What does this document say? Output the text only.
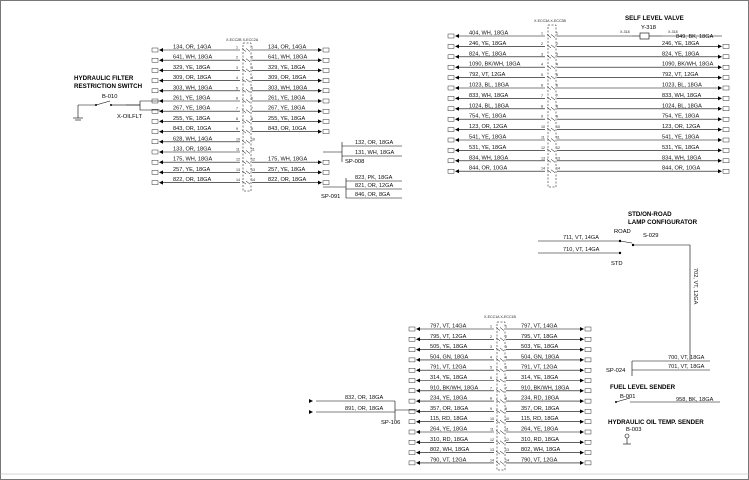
X-ECC2B X-ECC2A
134, OR, 14GA	1	1	134, OR, 14GA
641, WH, 18GA	2	2	641, WH, 18GA
329, YE, 18GA	3	3	329, YE, 18GA
309, OR, 18GA	4	4	309, OR, 18GA
303, WH, 18GA	5	5	303, WH, 18GA
261, YE, 18GA	6	6	261, YE, 18GA
267, YE, 18GA	7	7	267, YE, 18GA
255, YE, 18GA	8	8	255, YE, 18GA
843, OR, 10GA	9	9	843, OR, 10GA
628, WH, 14GA	10	10
133, OR, 18GA	11	11
175, WH, 18GA	12	12 175, WH, 18GA
257, YE, 18GA	13	13 257, YE, 18GA
822, OR, 18GA	14	14 822, OR, 18GA
HYDRAULIC FILTER
RESTRICTION SWITCH
B-010
X-OILFLT
132, OR, 18GA
131, WH, 18GA
SP-008
823, PK, 18GA
821, OR, 12GA
846, OR, 8GA
SP-091
X-ECC3A X-ECC3B
404, WH, 18GA	1	1
246, YE, 18GA	2	2	246, YE, 18GA
824, YE, 18GA	3	3	824, YE, 18GA
1090, BK/WH, 18GA	4	4	1090, BK/WH, 18GA
792, VT, 12GA	5	5	792, VT, 12GA
1023, BL, 18GA	6	6	1023, BL, 18GA
833, WH, 18GA	7	7	833, WH, 18GA
1024, BL, 18GA	8	8	1024, BL, 18GA
754, YE, 18GA	9	9	754, YE, 18GA
123, OR, 12GA	10	10	123, OR, 12GA
541, YE, 18GA	11	11	541, YE, 18GA
531, YE, 18GA	12	12	531, YE, 18GA
834, WH, 18GA	13	13	834, WH, 18GA
844, OR, 10GA	14	14	844, OR, 10GA
SELF LEVEL VALVE
Y-318
X-318	X-318
849, BK, 18GA
STD/ON-ROAD
LAMP CONFIGURATOR
ROAD
S-029
STD
711, VT, 14GA
710, VT, 14GA
702, VT, 12GA
X-ECC1A X-ECC1B
797, VT, 14GA	1	1	797, VT, 14GA
795, VT, 12GA	2	2	795, VT, 18GA
505, YE, 18GA	3	3	503, YE, 18GA
504, GN, 18GA	4	4	504, GN, 18GA
791, VT, 12GA	5	5	791, VT, 12GA
314, YE, 18GA	6	6	314, YE, 18GA
910, BK/WH, 18GA	7	7	910, BK/WH, 18GA
234, YE, 18GA	8	8	234, RD, 18GA
357, OR, 18GA	9	9	357, OR, 18GA
115, RD, 18GA	10	10 115, RD, 18GA
264, YE, 18GA	11	11 264, YE, 18GA
310, RD, 18GA	12	12 310, RD, 18GA
802, WH, 18GA	13	13 802, WH, 18GA
790, VT, 12GA	14	14 790, VT, 12GA
700, VT, 18GA
701, VT, 18GA
SP-024
FUEL LEVEL SENDER
B-001	958, BK, 18GA
HYDRAULIC OIL TEMP. SENDER
B-003
832, OR, 18GA
891, OR, 18GA
SP-106
